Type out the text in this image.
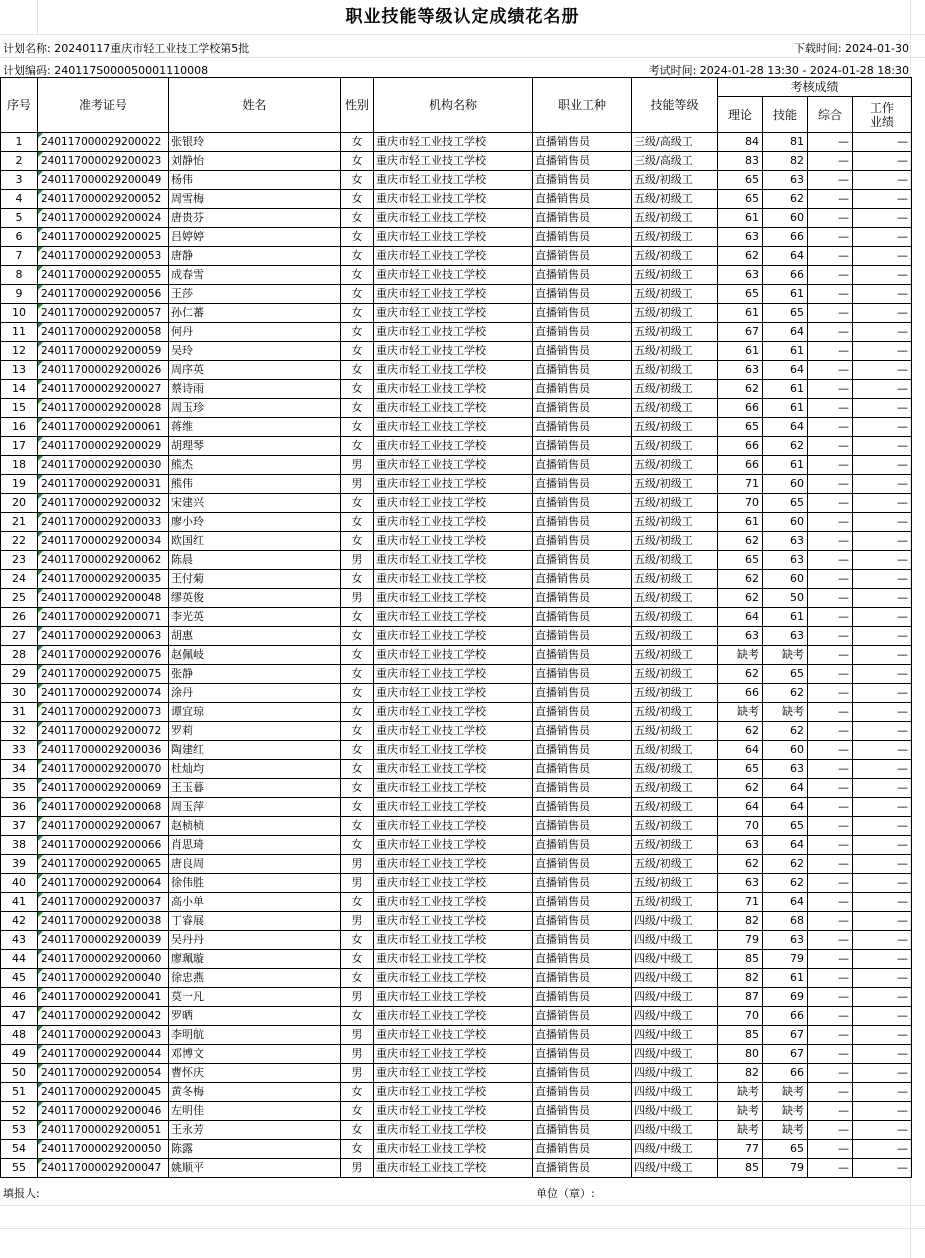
职业技能等级认定成绩花名册
计划名称: 20240117重庆市轻工业技工学校第5批	下载时间: 2024-01-30
计划编码: 240117S000050001110008	考试时间: 2024-01-28 13:30 - 2024-01-28 18:30
序号	准考证号	姓名	性别	机构名称	职业工种	技能等级	考核成绩			
							理论	技能	综合	工作
业绩
1	240117000029200022	张银玲	女	重庆市轻工业技工学校	直播销售员	三级/高级工	84	81	—	—
2	240117000029200023	刘静怡	女	重庆市轻工业技工学校	直播销售员	三级/高级工	83	82	—	—
3	240117000029200049	杨伟	女	重庆市轻工业技工学校	直播销售员	五级/初级工	65	63	—	—
4	240117000029200052	周雪梅	女	重庆市轻工业技工学校	直播销售员	五级/初级工	65	62	—	—
5	240117000029200024	唐贵芬	女	重庆市轻工业技工学校	直播销售员	五级/初级工	61	60	—	—
6	240117000029200025	吕婷婷	女	重庆市轻工业技工学校	直播销售员	五级/初级工	63	66	—	—
7	240117000029200053	唐静	女	重庆市轻工业技工学校	直播销售员	五级/初级工	62	64	—	—
8	240117000029200055	成春雪	女	重庆市轻工业技工学校	直播销售员	五级/初级工	63	66	—	—
9	240117000029200056	王莎	女	重庆市轻工业技工学校	直播销售员	五级/初级工	65	61	—	—
10	240117000029200057	孙仁蕃	女	重庆市轻工业技工学校	直播销售员	五级/初级工	61	65	—	—
11	240117000029200058	何丹	女	重庆市轻工业技工学校	直播销售员	五级/初级工	67	64	—	—
12	240117000029200059	吴玲	女	重庆市轻工业技工学校	直播销售员	五级/初级工	61	61	—	—
13	240117000029200026	周序英	女	重庆市轻工业技工学校	直播销售员	五级/初级工	63	64	—	—
14	240117000029200027	蔡诗雨	女	重庆市轻工业技工学校	直播销售员	五级/初级工	62	61	—	—
15	240117000029200028	周玉珍	女	重庆市轻工业技工学校	直播销售员	五级/初级工	66	61	—	—
16	240117000029200061	蒋维	女	重庆市轻工业技工学校	直播销售员	五级/初级工	65	64	—	—
17	240117000029200029	胡理琴	女	重庆市轻工业技工学校	直播销售员	五级/初级工	66	62	—	—
18	240117000029200030	熊杰	男	重庆市轻工业技工学校	直播销售员	五级/初级工	66	61	—	—
19	240117000029200031	熊伟	男	重庆市轻工业技工学校	直播销售员	五级/初级工	71	60	—	—
20	240117000029200032	宋建兴	女	重庆市轻工业技工学校	直播销售员	五级/初级工	70	65	—	—
21	240117000029200033	廖小玲	女	重庆市轻工业技工学校	直播销售员	五级/初级工	61	60	—	—
22	240117000029200034	欧国红	女	重庆市轻工业技工学校	直播销售员	五级/初级工	62	63	—	—
23	240117000029200062	陈晨	男	重庆市轻工业技工学校	直播销售员	五级/初级工	65	63	—	—
24	240117000029200035	王付菊	女	重庆市轻工业技工学校	直播销售员	五级/初级工	62	60	—	—
25	240117000029200048	缪英俊	男	重庆市轻工业技工学校	直播销售员	五级/初级工	62	50	—	—
26	240117000029200071	李光英	女	重庆市轻工业技工学校	直播销售员	五级/初级工	64	61	—	—
27	240117000029200063	胡惠	女	重庆市轻工业技工学校	直播销售员	五级/初级工	63	63	—	—
28	240117000029200076	赵佩岐	女	重庆市轻工业技工学校	直播销售员	五级/初级工	缺考	缺考	—	—
29	240117000029200075	张静	女	重庆市轻工业技工学校	直播销售员	五级/初级工	62	65	—	—
30	240117000029200074	涂丹	女	重庆市轻工业技工学校	直播销售员	五级/初级工	66	62	—	—
31	240117000029200073	谭宜琼	女	重庆市轻工业技工学校	直播销售员	五级/初级工	缺考	缺考	—	—
32	240117000029200072	罗莉	女	重庆市轻工业技工学校	直播销售员	五级/初级工	62	62	—	—
33	240117000029200036	陶建红	女	重庆市轻工业技工学校	直播销售员	五级/初级工	64	60	—	—
34	240117000029200070	杜灿均	女	重庆市轻工业技工学校	直播销售员	五级/初级工	65	63	—	—
35	240117000029200069	王玉暮	女	重庆市轻工业技工学校	直播销售员	五级/初级工	62	64	—	—
36	240117000029200068	周玉萍	女	重庆市轻工业技工学校	直播销售员	五级/初级工	64	64	—	—
37	240117000029200067	赵桢桢	女	重庆市轻工业技工学校	直播销售员	五级/初级工	70	65	—	—
38	240117000029200066	肖思琦	女	重庆市轻工业技工学校	直播销售员	五级/初级工	63	64	—	—
39	240117000029200065	唐良周	男	重庆市轻工业技工学校	直播销售员	五级/初级工	62	62	—	—
40	240117000029200064	徐伟胜	男	重庆市轻工业技工学校	直播销售员	五级/初级工	63	62	—	—
41	240117000029200037	高小单	女	重庆市轻工业技工学校	直播销售员	五级/初级工	71	64	—	—
42	240117000029200038	丁睿展	男	重庆市轻工业技工学校	直播销售员	四级/中级工	82	68	—	—
43	240117000029200039	吴丹丹	女	重庆市轻工业技工学校	直播销售员	四级/中级工	79	63	—	—
44	240117000029200060	廖珮璇	女	重庆市轻工业技工学校	直播销售员	四级/中级工	85	79	—	—
45	240117000029200040	徐忠燕	女	重庆市轻工业技工学校	直播销售员	四级/中级工	82	61	—	—
46	240117000029200041	莫一凡	男	重庆市轻工业技工学校	直播销售员	四级/中级工	87	69	—	—
47	240117000029200042	罗晒	女	重庆市轻工业技工学校	直播销售员	四级/中级工	70	66	—	—
48	240117000029200043	李明航	男	重庆市轻工业技工学校	直播销售员	四级/中级工	85	67	—	—
49	240117000029200044	邓博文	男	重庆市轻工业技工学校	直播销售员	四级/中级工	80	67	—	—
50	240117000029200054	曹怀庆	男	重庆市轻工业技工学校	直播销售员	四级/中级工	82	66	—	—
51	240117000029200045	黄冬梅	女	重庆市轻工业技工学校	直播销售员	四级/中级工	缺考	缺考	—	—
52	240117000029200046	左明佳	女	重庆市轻工业技工学校	直播销售员	四级/中级工	缺考	缺考	—	—
53	240117000029200051	王永芳	女	重庆市轻工业技工学校	直播销售员	四级/中级工	缺考	缺考	—	—
54	240117000029200050	陈露	女	重庆市轻工业技工学校	直播销售员	四级/中级工	77	65	—	—
55	240117000029200047	姚顺平	男	重庆市轻工业技工学校	直播销售员	四级/中级工	85	79	—	—
填报人:	单位（章）:
